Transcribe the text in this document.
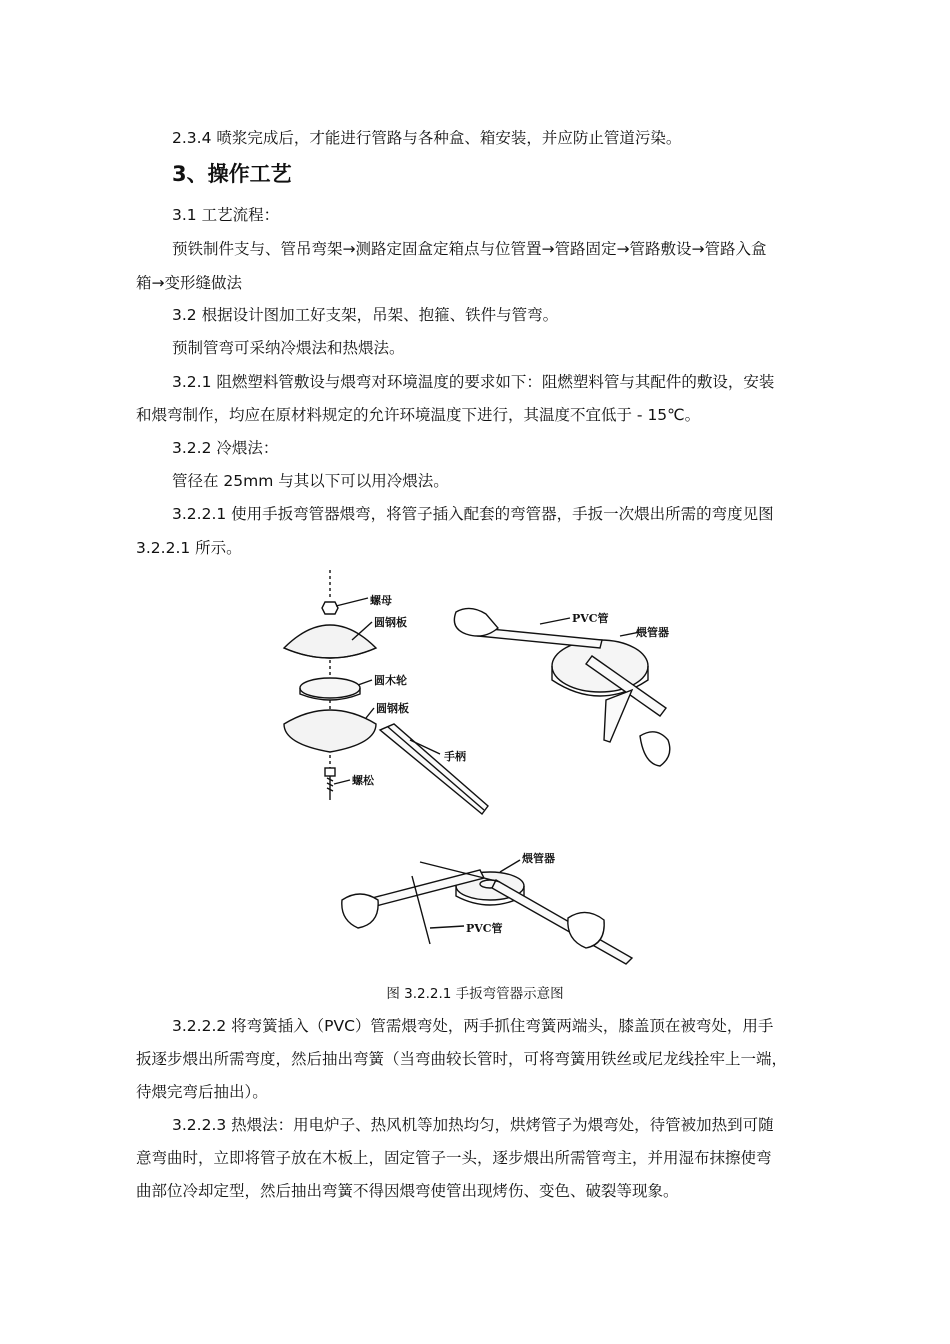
2.3.4 喷浆完成后，才能进行管路与各种盒、箱安装，并应防止管道污染。

3、操作工艺

3.1 工艺流程：

预铁制件支与、管吊弯架→测路定固盒定箱点与位管置→管路固定→管路敷设→管路入盒

箱→变形缝做法

3.2 根据设计图加工好支架，吊架、抱箍、铁件与管弯。

预制管弯可采纳冷煨法和热煨法。

3.2.1 阻燃塑料管敷设与煨弯对环境温度的要求如下：阻燃塑料管与其配件的敷设，安装

和煨弯制作，均应在原材料规定的允许环境温度下进行，其温度不宜低于 - 15℃。

3.2.2 冷煨法：

管径在 25mm 与其以下可以用冷煨法。

3.2.2.1 使用手扳弯管器煨弯，将管子插入配套的弯管器，手扳一次煨出所需的弯度见图

3.2.2.1 所示。

3.2.2.2 将弯簧插入（PVC）管需煨弯处，两手抓住弯簧两端头，膝盖顶在被弯处，用手

扳逐步煨出所需弯度，然后抽出弯簧（当弯曲较长管时，可将弯簧用铁丝或尼龙线拴牢上一端，

待煨完弯后抽出）。

3.2.2.3 热煨法：用电炉子、热风机等加热均匀，烘烤管子为煨弯处，待管被加热到可随

意弯曲时，立即将管子放在木板上，固定管子一头，逐步煨出所需管弯主，并用湿布抹擦使弯

曲部位冷却定型，然后抽出弯簧不得因煨弯使管出现烤伤、变色、破裂等现象。

螺母
圆钢板
圆木轮
圆钢板
手柄
螺松
PVC管
煨管器
煨管器
PVC管
图 3.2.2.1 手扳弯管器示意图
